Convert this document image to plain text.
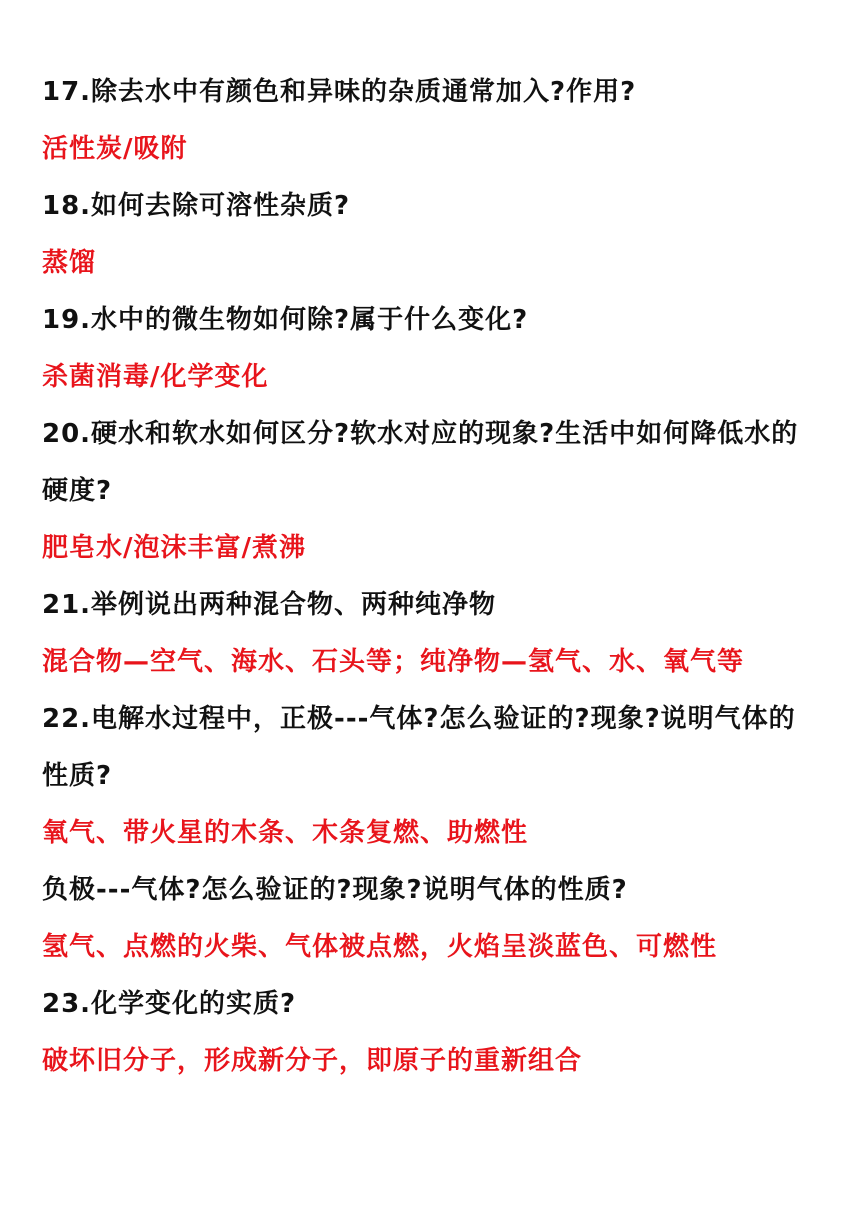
17.除去水中有颜色和异味的杂质通常加入?作用?
活性炭/吸附
18.如何去除可溶性杂质?
蒸馏
19.水中的微生物如何除?属于什么变化?
杀菌消毒/化学变化
20.硬水和软水如何区分?软水对应的现象?生活中如何降低水的
硬度?
肥皂水/泡沫丰富/煮沸
21.举例说出两种混合物、两种纯净物
混合物—空气、海水、石头等；纯净物—氢气、水、氧气等
22.电解水过程中，正极---气体?怎么验证的?现象?说明气体的
性质?
氧气、带火星的木条、木条复燃、助燃性
负极---气体?怎么验证的?现象?说明气体的性质?
氢气、点燃的火柴、气体被点燃，火焰呈淡蓝色、可燃性
23.化学变化的实质?
破坏旧分子，形成新分子，即原子的重新组合
